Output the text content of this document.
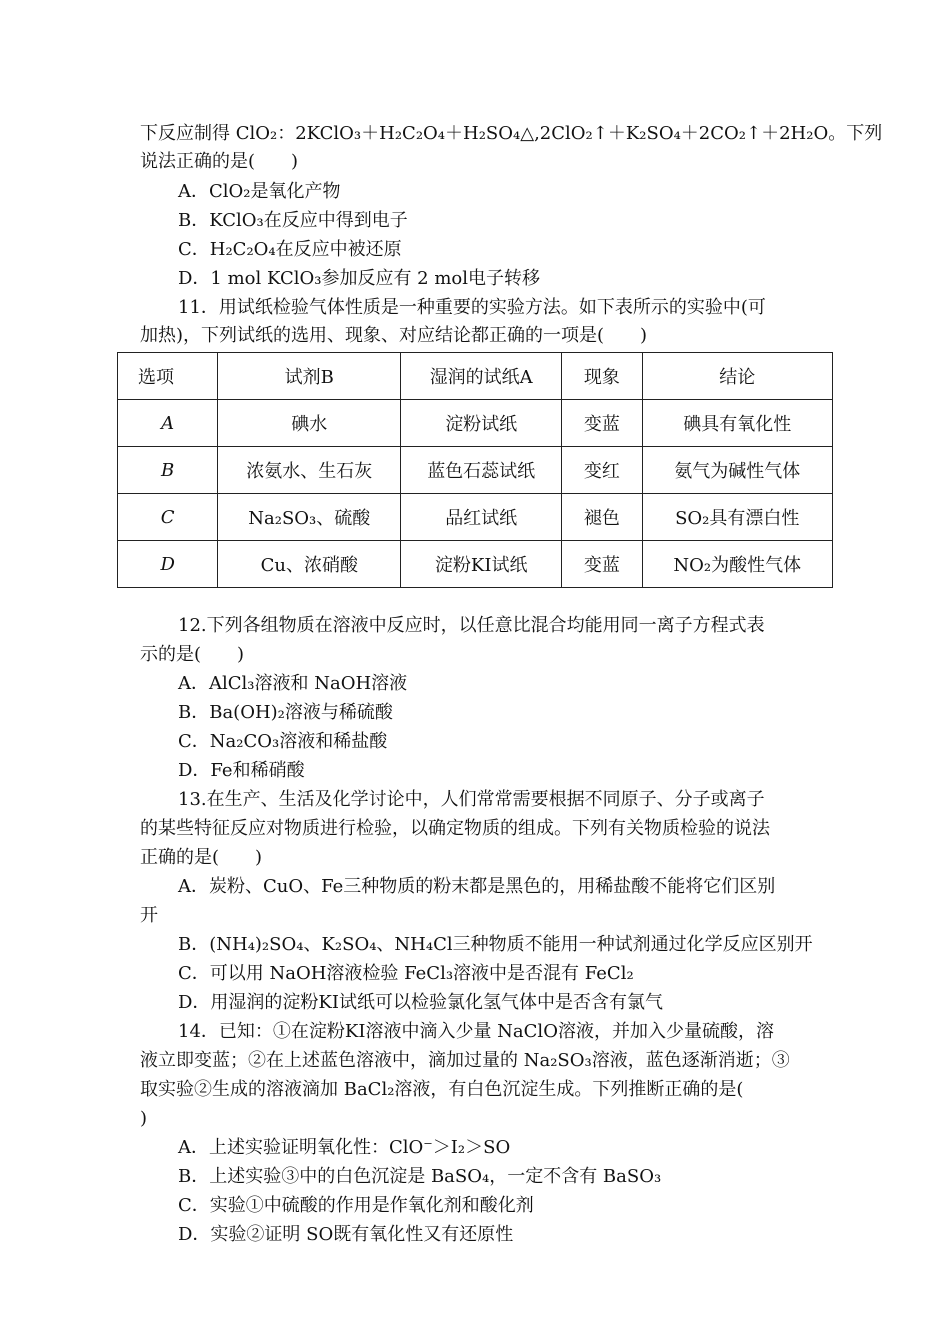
下反应制得 ClO₂：2KClO₃＋H₂C₂O₄＋H₂SO₄△,2ClO₂↑＋K₂SO₄＋2CO₂↑＋2H₂O。下列
说法正确的是(　　)
A．ClO₂是氧化产物
B．KClO₃在反应中得到电子
C．H₂C₂O₄在反应中被还原
D．1 mol KClO₃参加反应有 2 mol电子转移
11．用试纸检验气体性质是一种重要的实验方法。如下表所示的实验中(可
加热)，下列试纸的选用、现象、对应结论都正确的一项是(　　)
选项	试剂B	湿润的试纸A	现象	结论
A	碘水	淀粉试纸	变蓝	碘具有氧化性
B	浓氨水、生石灰	蓝色石蕊试纸	变红	氨气为碱性气体
C	Na₂SO₃、硫酸	品红试纸	褪色	SO₂具有漂白性
D	Cu、浓硝酸	淀粉KI试纸	变蓝	NO₂为酸性气体
12.下列各组物质在溶液中反应时，以任意比混合均能用同一离子方程式表
示的是(　　)
A．AlCl₃溶液和 NaOH溶液
B．Ba(OH)₂溶液与稀硫酸
C．Na₂CO₃溶液和稀盐酸
D．Fe和稀硝酸
13.在生产、生活及化学讨论中，人们常常需要根据不同原子、分子或离子
的某些特征反应对物质进行检验，以确定物质的组成。下列有关物质检验的说法
正确的是(　　)
A．炭粉、CuO、Fe三种物质的粉末都是黑色的，用稀盐酸不能将它们区别
开
B．(NH₄)₂SO₄、K₂SO₄、NH₄Cl三种物质不能用一种试剂通过化学反应区别开
C．可以用 NaOH溶液检验 FeCl₃溶液中是否混有 FeCl₂
D．用湿润的淀粉KI试纸可以检验氯化氢气体中是否含有氯气
14．已知：①在淀粉KI溶液中滴入少量 NaClO溶液，并加入少量硫酸，溶
液立即变蓝；②在上述蓝色溶液中，滴加过量的 Na₂SO₃溶液，蓝色逐渐消逝；③
取实验②生成的溶液滴加 BaCl₂溶液，有白色沉淀生成。下列推断正确的是(
)
A．上述实验证明氧化性：ClO⁻＞I₂＞SO
B．上述实验③中的白色沉淀是 BaSO₄，一定不含有 BaSO₃
C．实验①中硫酸的作用是作氧化剂和酸化剂
D．实验②证明 SO既有氧化性又有还原性
